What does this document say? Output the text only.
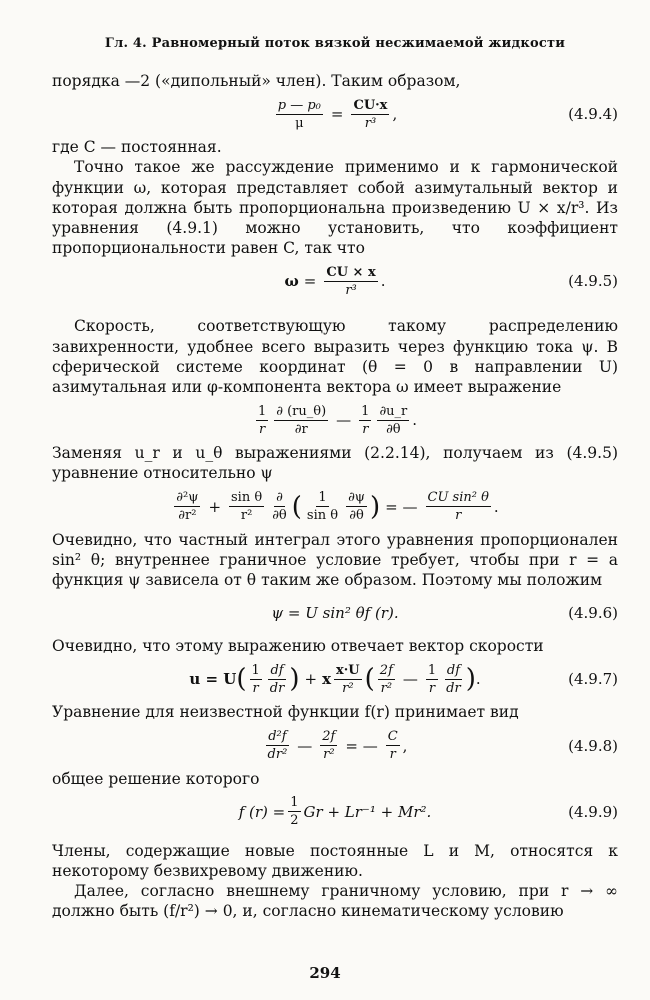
Гл. 4. Равномерный поток вязкой несжимаемой жидкости

порядка —2 («дипольный» член). Таким образом,

$\frac{\text{p — p₀}}{\mu} = \frac{CU\cdot x}{\text{r³}}$ ,	(4.9.4)

где C — постоянная.

Точно такое же рассуждение применимо и к гармонической функции ω, которая представляет собой азимутальный вектор и которая должна быть пропорциональна произведению U × x/r³. Из уравнения (4.9.1) можно установить, что коэффициент пропорциональности равен C, так что

$\omega = \frac{CU \times x}{\text{r³}}$ .	(4.9.5)

Скорость, соответствующую такому распределению завихренности, удобнее всего выразить через функцию тока ψ. В сферической системе координат (θ = 0 в направлении U) азимутальная или φ-компонента вектора ω имеет выражение

$\frac{1}{r} \frac{\partial (ru\_\theta)}{\partial r}$ — $\frac{1}{r} \frac{\partial u\_r}{\partial\theta}$ .

Заменяя u_r и u_θ выражениями (2.2.14), получаем из (4.9.5) уравнение относительно ψ

$\frac{\text{∂²ψ}}{\text{∂r²}} + \frac{\text{sin θ}}{\text{r²}} \frac{\partial}{\partial\theta}$ ( $\frac{1}{\text{sin θ}} \frac{\partial\psi}{\partial\theta}$ ) = — $\frac{\text{CU sin² θ}}{r}$ .

Очевидно, что частный интеграл этого уравнения пропорционален sin² θ; внутреннее граничное условие требует, чтобы при r = a функция ψ зависела от θ таким же образом. Поэтому мы положим

ψ = U sin² θf (r).	(4.9.6)

Очевидно, что этому выражению отвечает вектор скорости

u = U ( $\frac{1}{r} \frac{df}{dr}$ ) + x $\frac{x\cdot U}{\text{r²}}$ ( $\frac{2f}{\text{r²}}$ — $\frac{1}{r} \frac{df}{dr}$ ) .	(4.9.7)

Уравнение для неизвестной функции f(r) принимает вид

$\frac{\text{d²f}}{\text{dr²}}$ — $\frac{2f}{\text{r²}}$ = — $\frac{C}{r}$ ,	(4.9.8)

общее решение которого

f $(r) = \frac{1}{2}$ Gr + Lr⁻¹ + Mr².	(4.9.9)

Члены, содержащие новые постоянные L и M, относятся к некоторому безвихревому движению.

Далее, согласно внешнему граничному условию, при r → ∞ должно быть (f/r²) → 0, и, согласно кинематическому условию

294
